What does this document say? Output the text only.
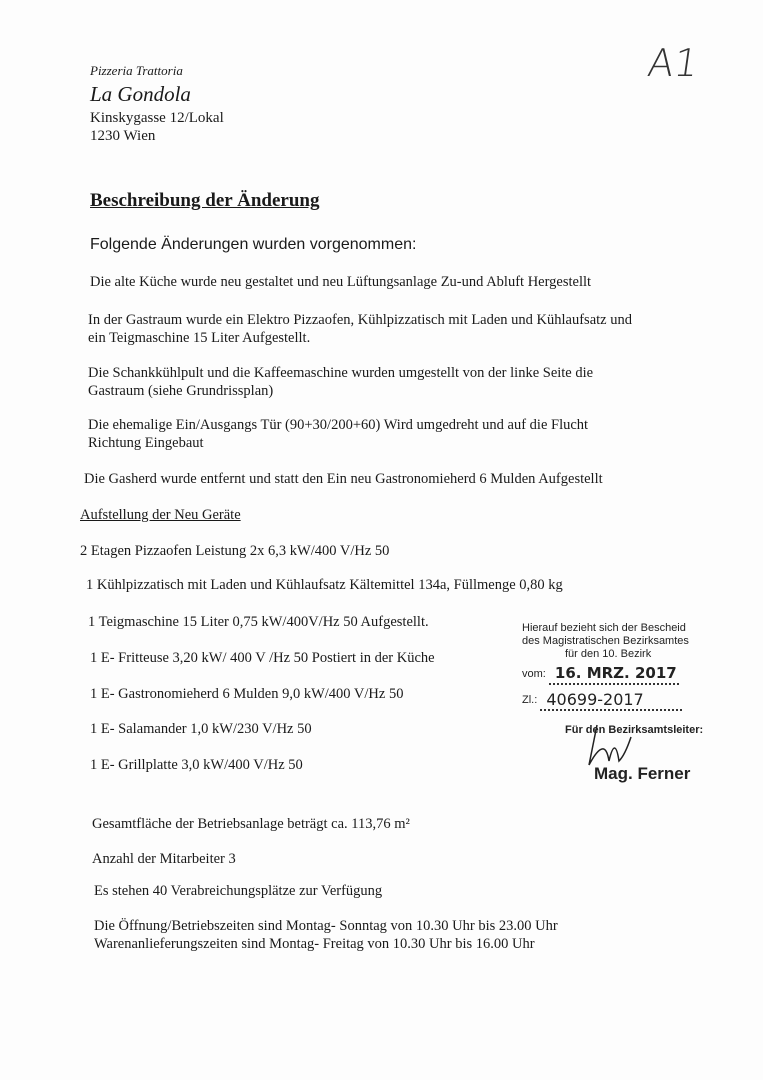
A1
Pizzeria Trattoria
La Gondola
Kinskygasse 12/Lokal
1230 Wien
Beschreibung der Änderung
Folgende Änderungen wurden vorgenommen:
Die alte Küche wurde neu gestaltet und neu Lüftungsanlage Zu-und Abluft Hergestellt
In der Gastraum wurde ein Elektro Pizzaofen, Kühlpizzatisch mit Laden und Kühlaufsatz und
ein Teigmaschine 15 Liter Aufgestellt.
Die Schankkühlpult und die Kaffeemaschine wurden umgestellt von der linke Seite die
Gastraum (siehe Grundrissplan)
Die ehemalige Ein/Ausgangs Tür (90+30/200+60) Wird umgedreht und auf die Flucht
Richtung Eingebaut
Die Gasherd wurde entfernt und statt den Ein neu Gastronomieherd 6 Mulden Aufgestellt
Aufstellung der Neu Geräte
2 Etagen Pizzaofen Leistung 2x 6,3 kW/400 V/Hz 50
1 Kühlpizzatisch mit Laden und Kühlaufsatz Kältemittel 134a, Füllmenge 0,80 kg
1 Teigmaschine 15 Liter 0,75 kW/400V/Hz 50 Aufgestellt.
1 E- Fritteuse 3,20 kW/ 400 V /Hz 50 Postiert in der Küche
1 E- Gastronomieherd 6 Mulden 9,0 kW/400 V/Hz 50
1 E- Salamander 1,0 kW/230 V/Hz 50
1 E- Grillplatte 3,0 kW/400 V/Hz 50
Gesamtfläche der Betriebsanlage beträgt ca. 113,76 m²
Anzahl der Mitarbeiter 3
Es stehen 40 Verabreichungsplätze zur Verfügung
Die Öffnung/Betriebszeiten sind Montag- Sonntag von 10.30 Uhr bis 23.00 Uhr
Warenanlieferungszeiten sind Montag- Freitag von 10.30 Uhr bis 16.00 Uhr
Hierauf bezieht sich der Bescheid
des Magistratischen Bezirksamtes
für den 10. Bezirk
vom: 16. MRZ. 2017
Zl.: 40699-2017
Für den Bezirksamtsleiter:
Mag. Ferner
